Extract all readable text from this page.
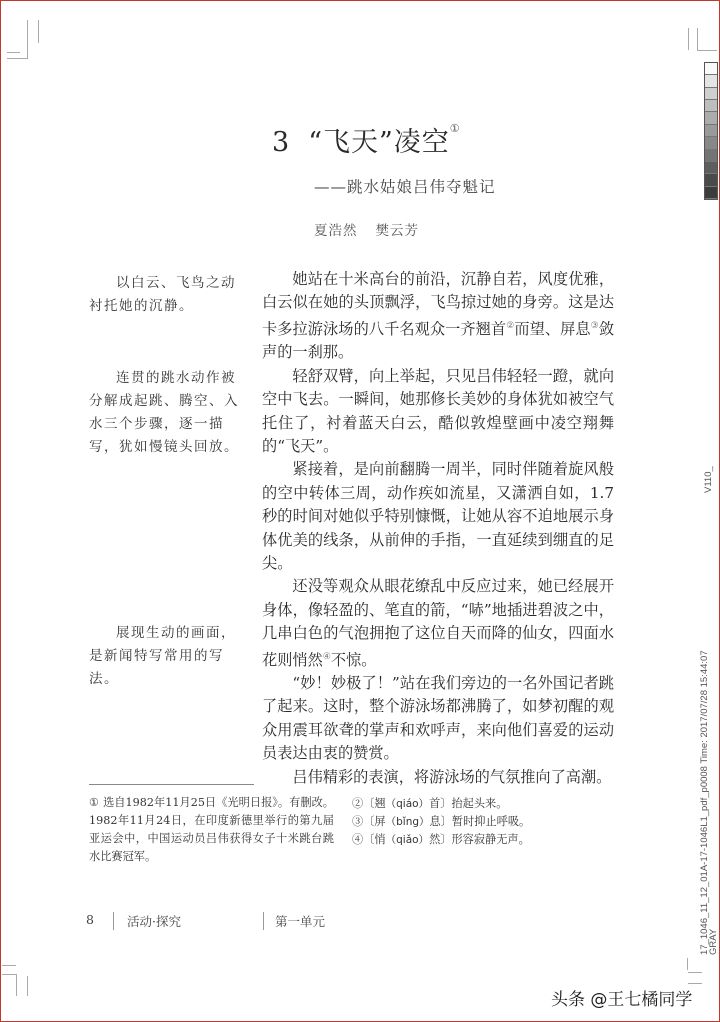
3 “飞天”凌空①
——跳水姑娘吕伟夺魁记
夏浩然 樊云芳
以白云、飞鸟之动衬托她的沉静。
连贯的跳水动作被分解成起跳、腾空、入水三个步骤，逐一描写，犹如慢镜头回放。
展现生动的画面，是新闻特写常用的写法。

她站在十米高台的前沿，沉静自若，风度优雅，白云似在她的头顶飘浮，飞鸟掠过她的身旁。这是达卡多拉游泳场的八千名观众一齐翘首②而望、屏息③敛声的一刹那。

轻舒双臂，向上举起，只见吕伟轻轻一蹬，就向空中飞去。一瞬间，她那修长美妙的身体犹如被空气托住了，衬着蓝天白云，酷似敦煌壁画中凌空翔舞的“飞天”。

紧接着，是向前翻腾一周半，同时伴随着旋风般的空中转体三周，动作疾如流星，又潇洒自如，1.7秒的时间对她似乎特别慷慨，让她从容不迫地展示身体优美的线条，从前伸的手指，一直延续到绷直的足尖。

还没等观众从眼花缭乱中反应过来，她已经展开身体，像轻盈的、笔直的箭，“哧”地插进碧波之中，几串白色的气泡拥抱了这位自天而降的仙女，四面水花则悄然④不惊。

“妙！妙极了！”站在我们旁边的一名外国记者跳了起来。这时，整个游泳场都沸腾了，如梦初醒的观众用震耳欲聋的掌声和欢呼声，来向他们喜爱的运动员表达由衷的赞赏。

吕伟精彩的表演，将游泳场的气氛推向了高潮。

① 选自1982年11月25日《光明日报》。有删改。1982年11月24日，在印度新德里举行的第九届亚运会中，中国运动员吕伟获得女子十米跳台跳水比赛冠军。
②〔翘（qiáo）首〕抬起头来。
③〔屏（bǐng）息〕暂时抑止呼吸。
④〔悄（qiǎo）然〕形容寂静无声。
8	活动·探究	第一单元
V110_
17_1046_11_12_01A-17-1046L1_pdf_p0008 Time: 2017/07/28 15:44:07
GRAY
头条 @王七橘同学
